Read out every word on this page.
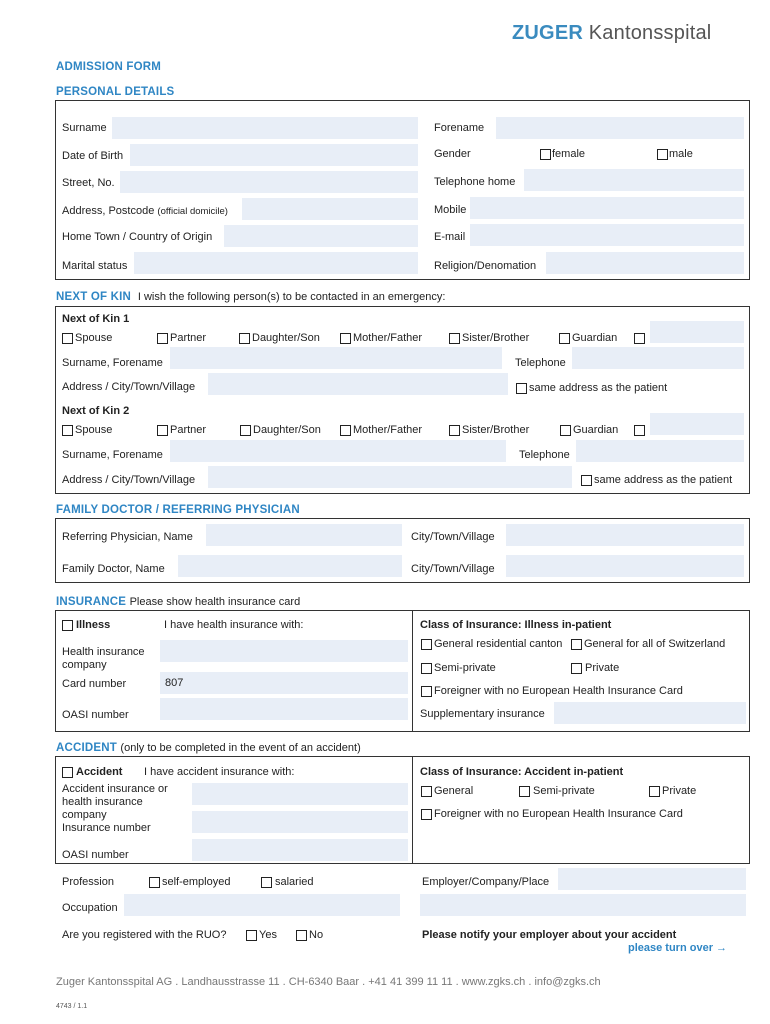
ZUGER Kantonsspital
ADMISSION FORM
PERSONAL DETAILS
Surname	Forename
Date of Birth	Gender	female	male
Street, No.	Telephone home
Address, Postcode (official domicile)	Mobile
Home Town / Country of Origin	E-mail
Marital status	Religion/Denomation
NEXT OF KIN I wish the following person(s) to be contacted in an emergency:
Next of Kin 1
Spouse	Partner	Daughter/Son	Mother/Father	Sister/Brother	Guardian
Surname, Forename	Telephone
Address / City/Town/Village	same address as the patient
Next of Kin 2
Spouse	Partner	Daughter/Son	Mother/Father	Sister/Brother	Guardian
Surname, Forename	Telephone
Address / City/Town/Village	same address as the patient
FAMILY DOCTOR / REFERRING PHYSICIAN
Referring Physician, Name	City/Town/Village
Family Doctor, Name	City/Town/Village
INSURANCE Please show health insurance card
Illness	I have health insurance with:
Health insurance company
Card number	807
OASI number
Class of Insurance: Illness in-patient
General residential canton General for all of Switzerland
Semi-private	Private
Foreigner with no European Health Insurance Card
Supplementary insurance
ACCIDENT (only to be completed in the event of an accident)
Accident I have accident insurance with:
Accident insurance or health insurance company
Insurance number
OASI number
Class of Insurance: Accident in-patient
General	Semi-private	Private
Foreigner with no European Health Insurance Card
Profession	self-employed	salaried	Employer/Company/Place
Occupation
Are you registered with the RUO?	Yes	No	Please notify your employer about your accident
please turn over →
Zuger Kantonsspital AG . Landhausstrasse 11 . CH-6340 Baar . +41 41 399 11 11 . www.zgks.ch . info@zgks.ch
4743 / 1.1
